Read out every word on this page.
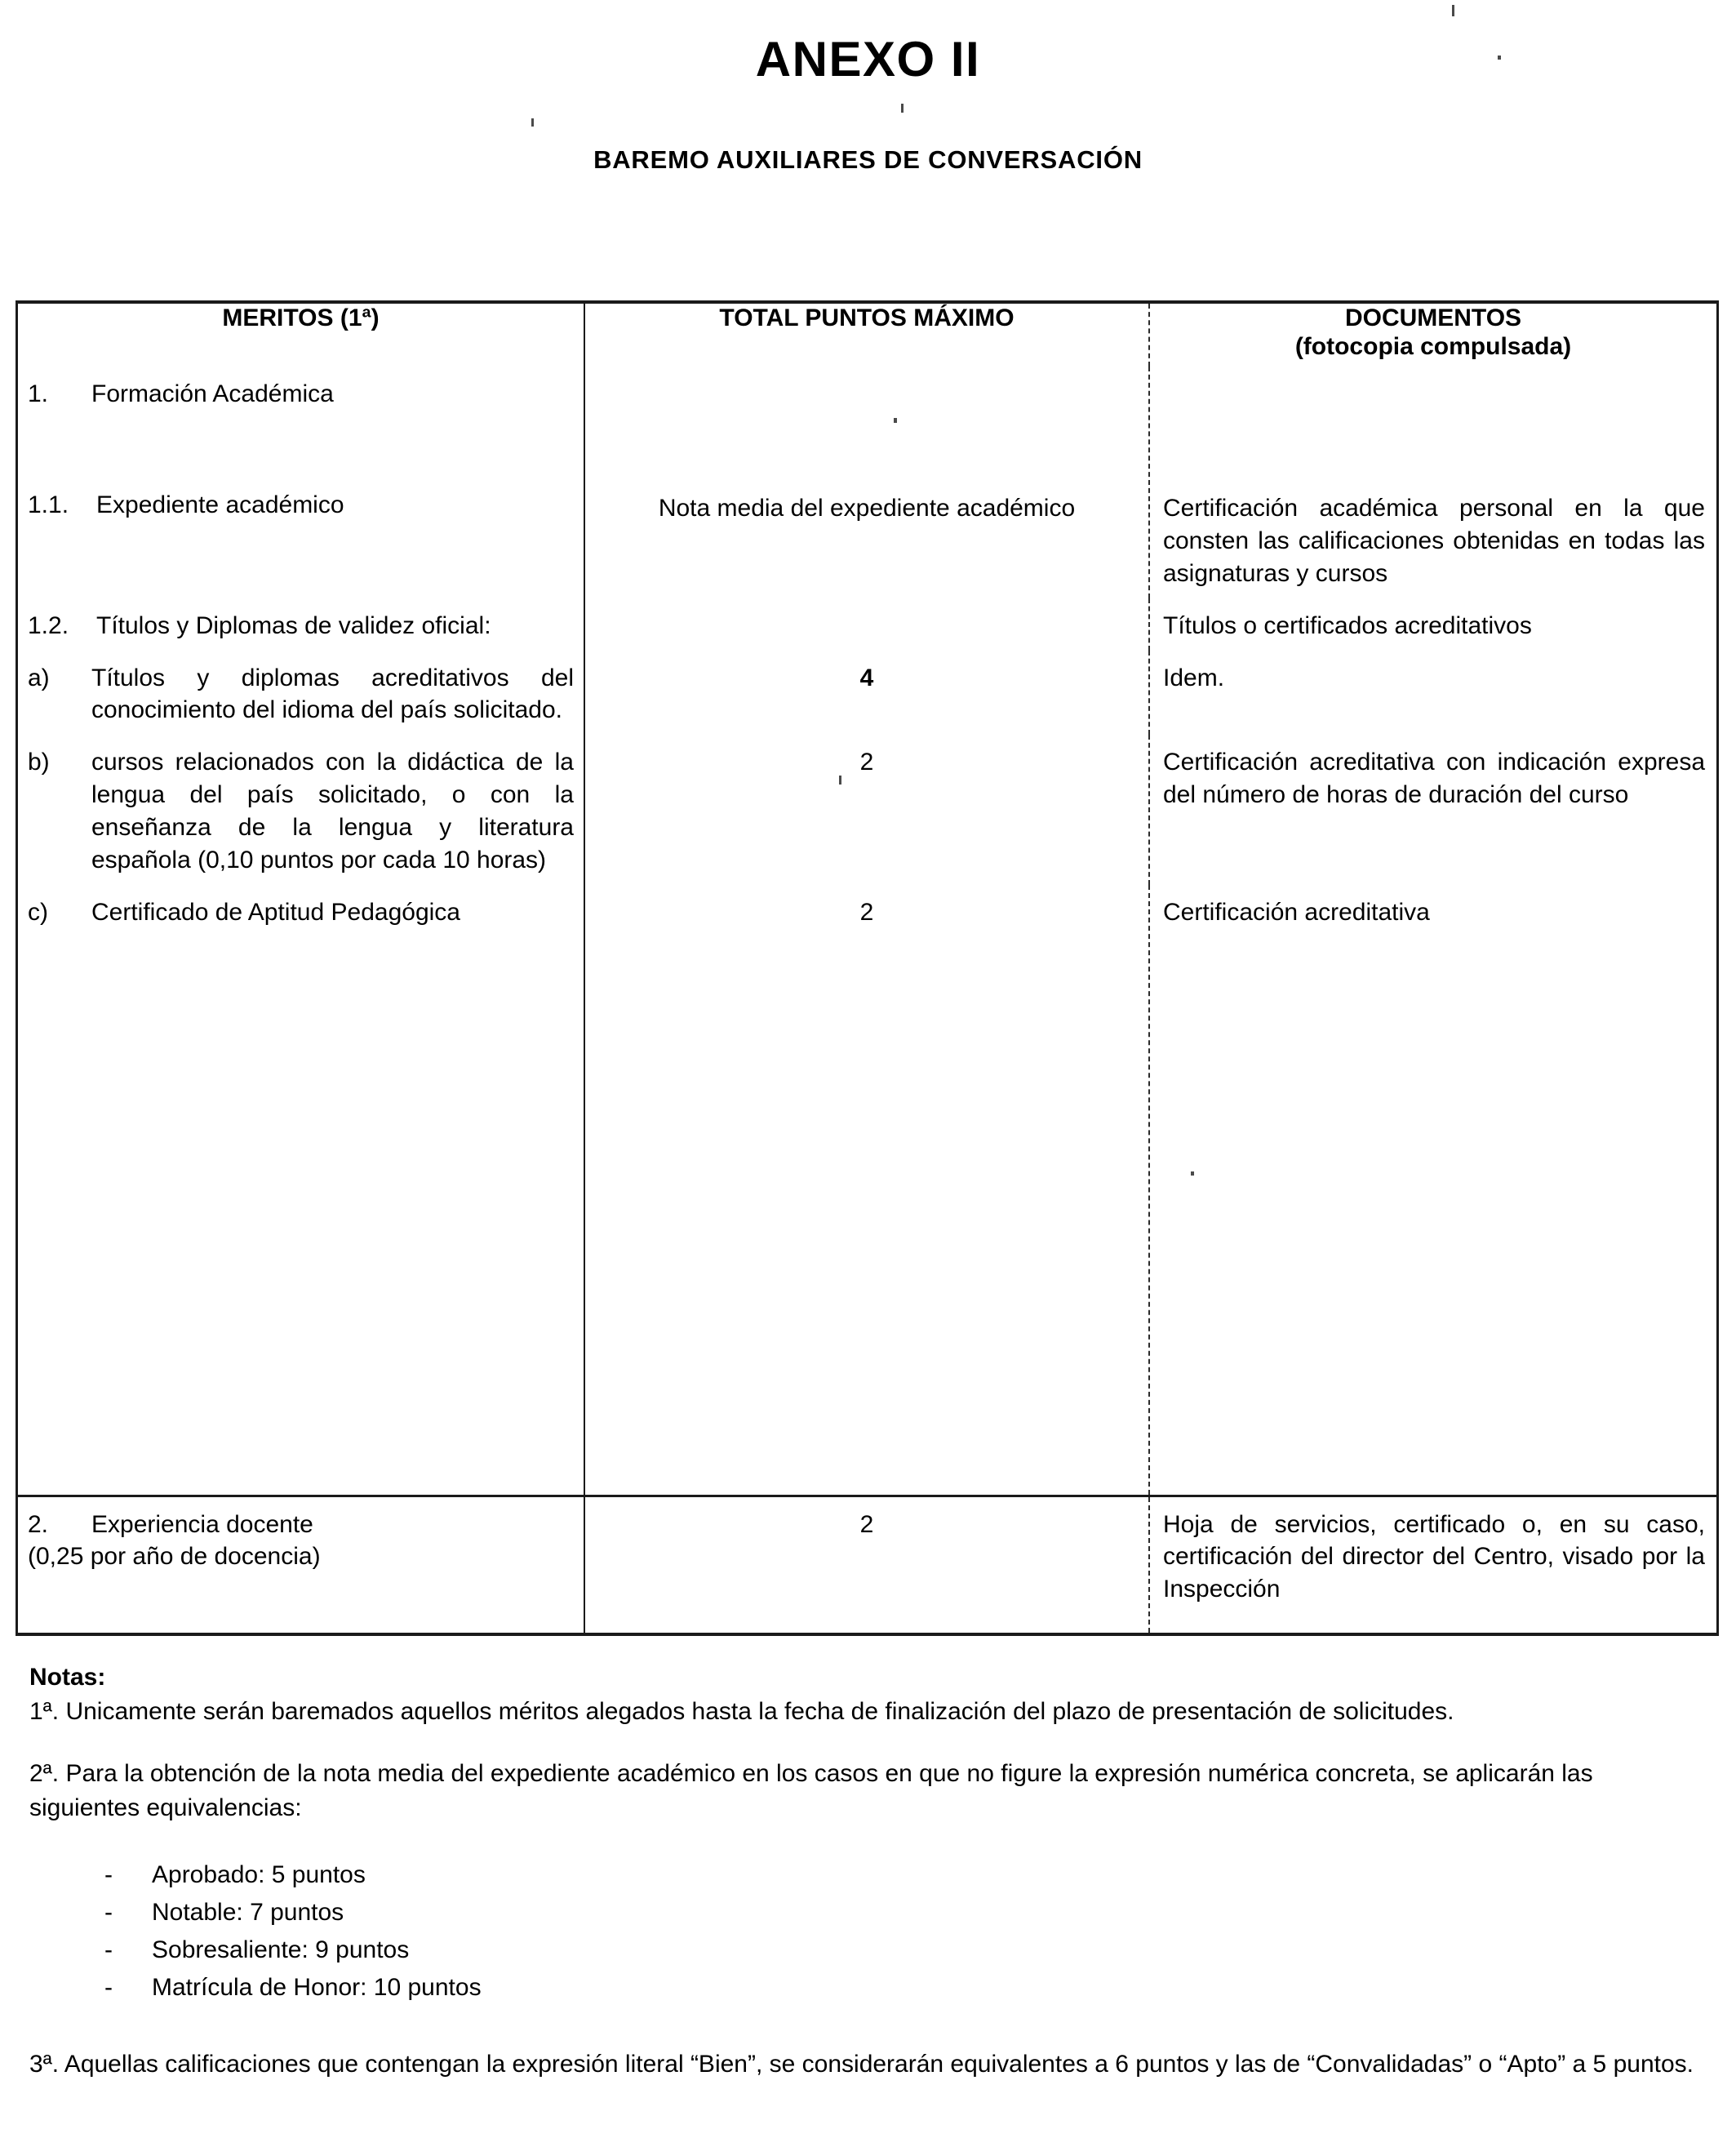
ANEXO II
BAREMO AUXILIARES DE CONVERSACIÓN
MERITOS (1ª)	TOTAL PUNTOS MÁXIMO	DOCUMENTOS
(fotocopia compulsada)

1. Formación Académica
1.1. Expediente académico	Nota media del expediente académico	Certificación académica personal en la que consten las calificaciones obtenidas en todas las asignaturas y cursos

1.2. Títulos y Diplomas de validez oficial:		Títulos o certificados acreditativos

a) Títulos y diplomas acreditativos del conocimiento del idioma del país solicitado.	4	Idem.

b) cursos relacionados con la didáctica de la lengua del país solicitado, o con la enseñanza de la lengua y literatura española (0,10 puntos por cada 10 horas)	2	Certificación acreditativa con indicación expresa del número de horas de duración del curso

c) Certificado de Aptitud Pedagógica	2	Certificación acreditativa

2. Experiencia docente
(0,25 por año de docencia)	2	Hoja de servicios, certificado o, en su caso, certificación del director del Centro, visado por la Inspección

Notas:

1ª. Unicamente serán baremados aquellos méritos alegados hasta la fecha de finalización del plazo de presentación de solicitudes.

2ª. Para la obtención de la nota media del expediente académico en los casos en que no figure la expresión numérica concreta, se aplicarán las siguientes equivalencias:

-	Aprobado: 5 puntos
-	Notable: 7 puntos
-	Sobresaliente: 9 puntos
-	Matrícula de Honor: 10 puntos

3ª. Aquellas calificaciones que contengan la expresión literal “Bien”, se considerarán equivalentes a 6 puntos y las de “Convalidadas” o “Apto” a 5 puntos.
